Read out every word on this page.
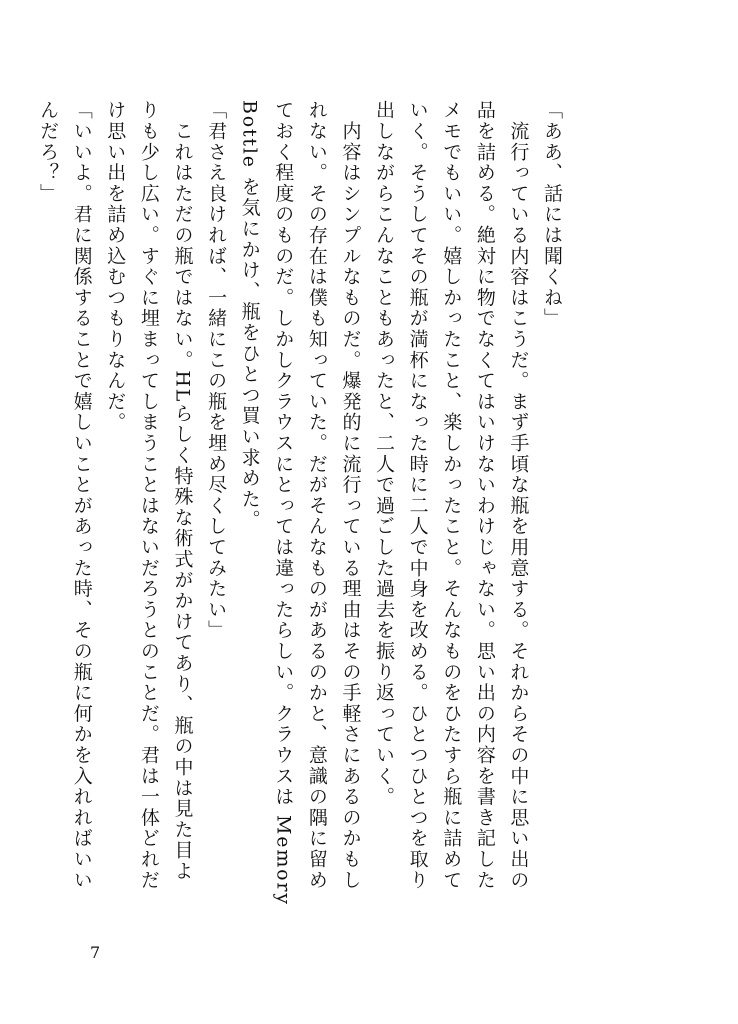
「ああ、話には聞くね」
　流行っている内容はこうだ。まず手頃な瓶を用意する。それからその中に思い出の
品を詰める。絶対に物でなくてはいけないわけじゃない。思い出の内容を書き記した
メモでもいい。嬉しかったこと、楽しかったこと。そんなものをひたすら瓶に詰めて
いく。そうしてその瓶が満杯になった時に二人で中身を改める。ひとつひとつを取り
出しながらこんなこともあったと、二人で過ごした過去を振り返っていく。
　内容はシンプルなものだ。爆発的に流行っている理由はその手軽さにあるのかもし
れない。その存在は僕も知っていた。だがそんなものがあるのかと、意識の隅に留め
ておく程度のものだ。しかしクラウスにとっては違ったらしい。クラウスは Memory
Bottle を気にかけ、瓶をひとつ買い求めた。
「君さえ良ければ、一緒にこの瓶を埋め尽くしてみたい」
　これはただの瓶ではない。HLらしく特殊な術式がかけてあり、瓶の中は見た目よ
りも少し広い。すぐに埋まってしまうことはないだろうとのことだ。君は一体どれだ
け思い出を詰め込むつもりなんだ。
「いいよ。君に関係することで嬉しいことがあった時、その瓶に何かを入れればいい
んだろ？」
7
